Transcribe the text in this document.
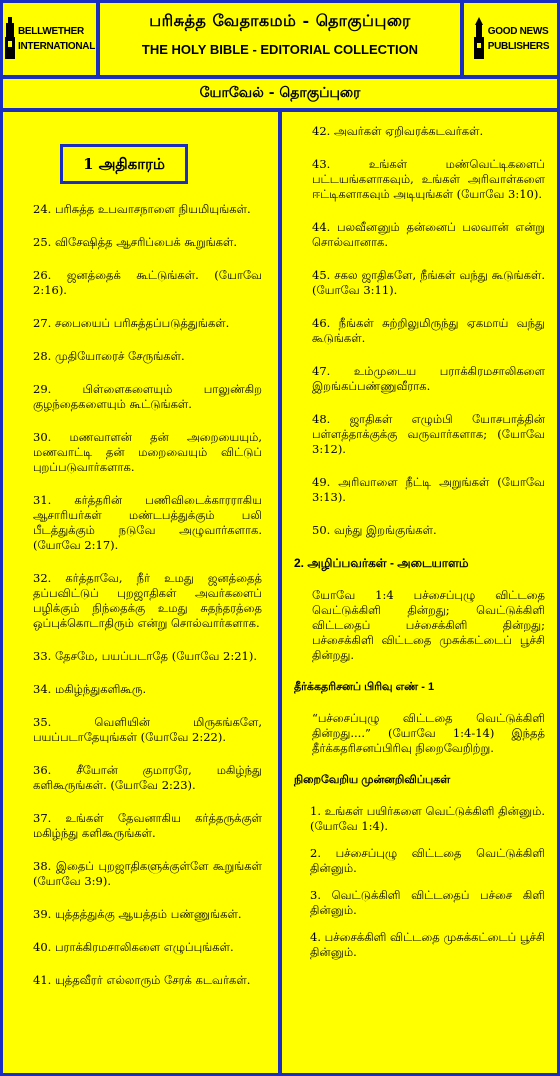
BELLWETHER
INTERNATIONAL
பரிசுத்த வேதாகமம் - தொகுப்புரை
THE HOLY BIBLE - EDITORIAL COLLECTION
GOOD NEWS
PUBLISHERS
யோவேல் - தொகுப்புரை
1 அதிகாரம்

24. பரிசுத்த உபவாசநாளை நியமியுங்கள்.

25. விசேஷித்த ஆசரிப்பைக் கூறுங்கள்.

26. ஜனத்தைக் கூட்டுங்கள். (யோவே 2:16).

27. சபையைப் பரிசுத்தப்படுத்துங்கள்.

28. முதியோரைச் சேருங்கள்.

29. பிள்ளைகளையும் பாலுண்கிற குழந்தைகளையும் கூட்டுங்கள்.

30. மணவாளன் தன் அறையையும், மணவாட்டி தன் மறைவையும் விட்டுப் புறப்படுவார்களாக.

31. கர்த்தரின் பணிவிடைக்காரராகிய ஆசாரியர்கள் மண்டபத்துக்கும் பலி பீடத்துக்கும் நடுவே அழுவார்களாக. (யோவே 2:17).

32. கர்த்தாவே, நீர் உமது ஜனத்தைத் தப்பவிட்டுப் புறஜாதிகள் அவர்களைப் பழிக்கும் நிந்தைக்கு உமது சுதந்தரத்தை ஒப்புக்கொடாதிரும் என்று சொல்வார்களாக.

33. தேசமே, பயப்படாதே (யோவே 2:21).

34. மகிழ்ந்துகளிகூரு.

35. வெளியின் மிருகங்களே, பயப்படாதேயுங்கள் (யோவே 2:22).

36. சீயோன் குமாரரே, மகிழ்ந்து களிகூருங்கள். (யோவே 2:23).

37. உங்கள் தேவனாகிய கர்த்தருக்குள் மகிழ்ந்து களிகூருங்கள்.

38. இதைப் புறஜாதிகளுக்குள்ளே கூறுங்கள் (யோவே 3:9).

39. யுத்தத்துக்கு ஆயத்தம் பண்ணுங்கள்.

40. பராக்கிரமசாலிகளை எழுப்புங்கள்.

41. யுத்தவீரர் எல்லாரும் சேரக் கடவர்கள்.

42. அவர்கள் ஏறிவரக்கடவர்கள்.

43. உங்கள் மண்வெட்டிகளைப் பட்டயங்களாகவும், உங்கள் அரிவாள்களை ஈட்டிகளாகவும் அடியுங்கள் (யோவே 3:10).

44. பலவீனனும் தன்னைப் பலவான் என்று சொல்வானாக.

45. சகல ஜாதிகளே, நீங்கள் வந்து கூடுங்கள். (யோவே 3:11).

46. நீங்கள் சுற்றிலுமிருந்து ஏகமாய் வந்து கூடுங்கள்.

47. உம்முடைய பராக்கிரமசாலிகளை இறங்கப்பண்ணுவீராக.

48. ஜாதிகள் எழும்பி யோசபாத்தின் பள்ளத்தாக்குக்கு வருவார்களாக; (யோவே 3:12).

49. அரிவாளை நீட்டி அறுங்கள் (யோவே 3:13).

50. வந்து இறங்குங்கள்.

2. அழிப்பவர்கள் - அடையாளம்

யோவே 1:4 பச்சைப்புழு விட்டதை வெட்டுக்கிளி தின்றது; வெட்டுக்கிளி விட்டதைப் பச்சைக்கிளி தின்றது; பச்சைக்கிளி விட்டதை முசுக்கட்டைப் பூச்சி தின்றது.

தீர்க்கதரிசனப் பிரிவு எண் - 1

“பச்சைப்புழு விட்டதை வெட்டுக்கிளி தின்றது....” (யோவே 1:4-14) இந்தத் தீர்க்கதரிசனப்பிரிவு நிறைவேறிற்று.

நிறைவேறிய முன்னறிவிப்புகள்

1. உங்கள் பயிர்களை வெட்டுக்கிளி தின்னும். (யோவே 1:4).

2. பச்சைப்புழு விட்டதை வெட்டுக்கிளி தின்னும்.

3. வெட்டுக்கிளி விட்டதைப் பச்சை கிளி தின்னும்.

4. பச்சைக்கிளி விட்டதை முசுக்கட்டைப் பூச்சி தின்னும்.
